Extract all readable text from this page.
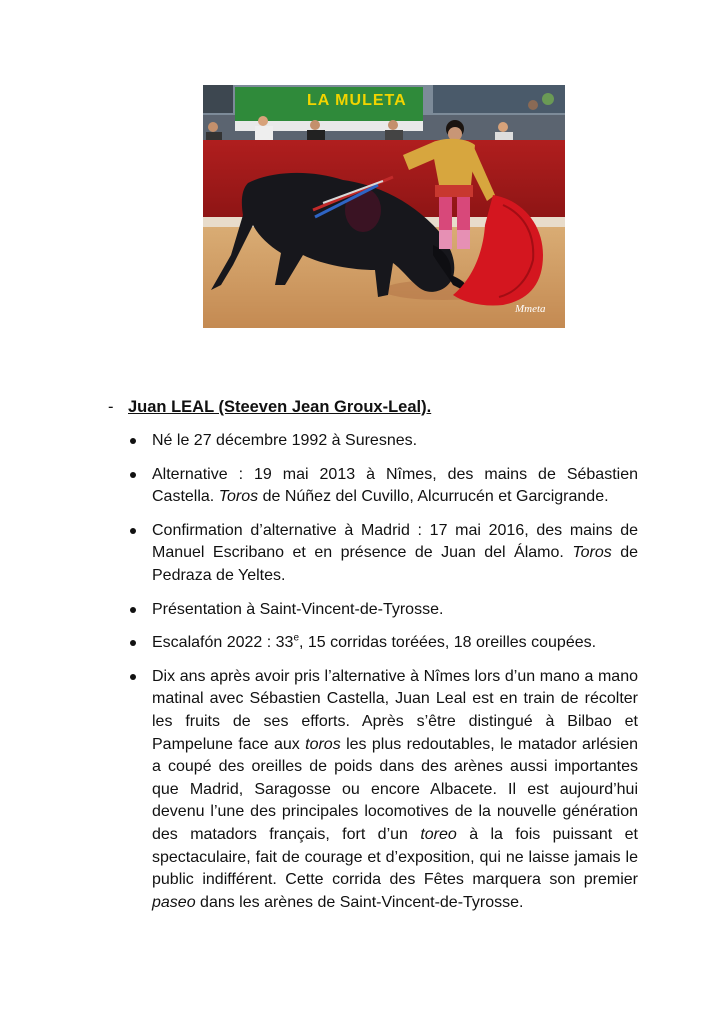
LA MULETA
Mmeta
- Juan LEAL (Steeven Jean Groux-Leal).
Né le 27 décembre 1992 à Suresnes.
Alternative : 19 mai 2013 à Nîmes, des mains de Sébastien Castella. Toros de Núñez del Cuvillo, Alcurrucén et Garcigrande.
Confirmation d’alternative à Madrid : 17 mai 2016, des mains de Manuel Escribano et en présence de Juan del Álamo. Toros de Pedraza de Yeltes.
Présentation à Saint-Vincent-de-Tyrosse.
Escalafón 2022 : 33e, 15 corridas toréées, 18 oreilles coupées.
Dix ans après avoir pris l’alternative à Nîmes lors d’un mano a mano matinal avec Sébastien Castella, Juan Leal est en train de récolter les fruits de ses efforts. Après s’être distingué à Bilbao et Pampelune face aux toros les plus redoutables, le matador arlésien a coupé des oreilles de poids dans des arènes aussi importantes que Madrid, Saragosse ou encore Albacete. Il est aujourd’hui devenu l’une des principales locomotives de la nouvelle génération des matadors français, fort d’un toreo à la fois puissant et spectaculaire, fait de courage et d’exposition, qui ne laisse jamais le public indifférent. Cette corrida des Fêtes marquera son premier paseo dans les arènes de Saint-Vincent-de-Tyrosse.
